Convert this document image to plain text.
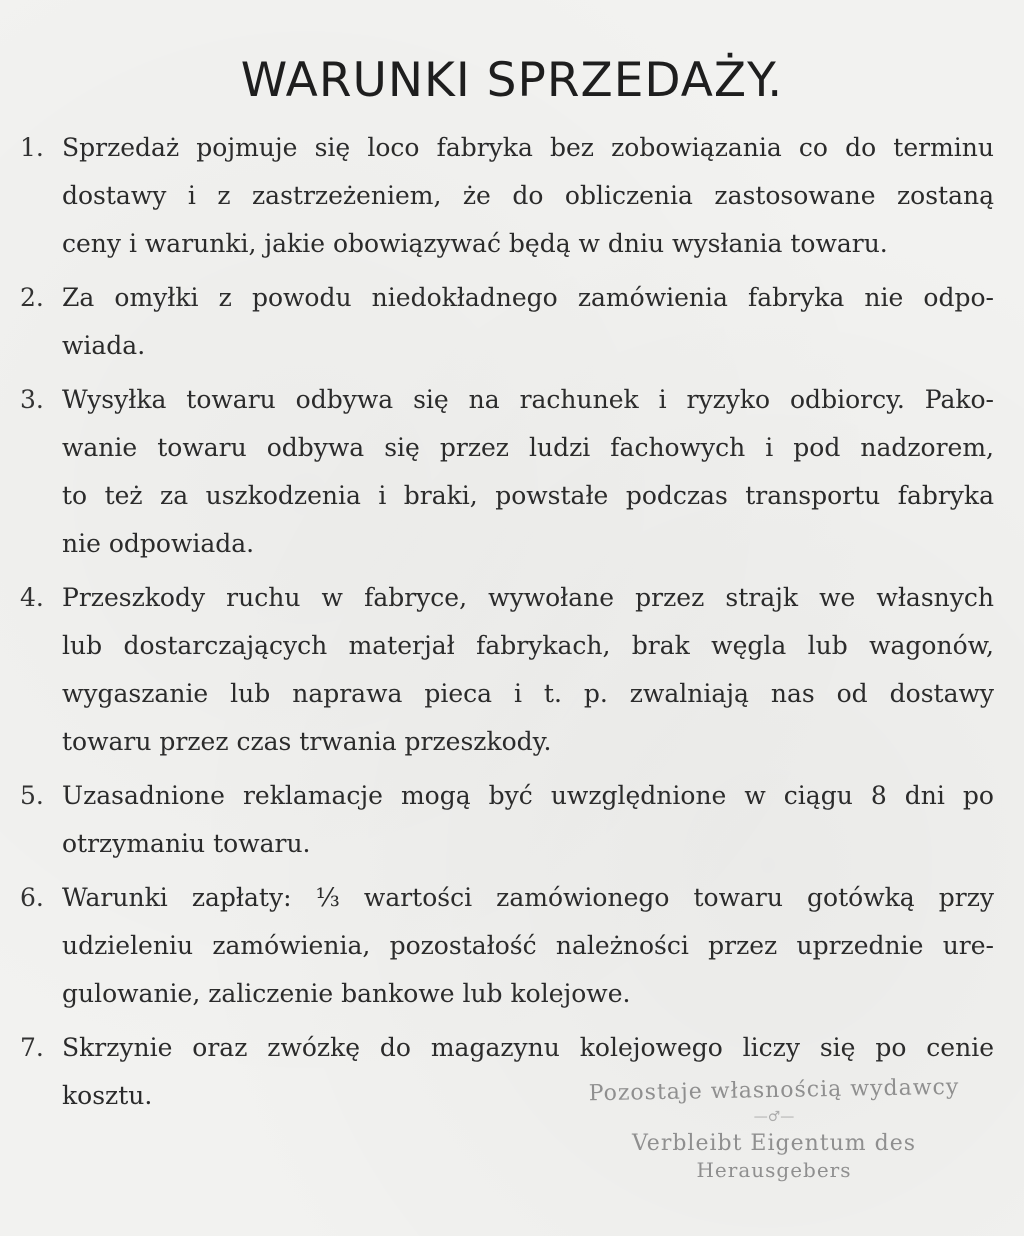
WARUNKI SPRZEDAŻY.
1. Sprzedaż pojmuje się loco fabryka bez zobowiązania co do terminu
dostawy i z zastrzeżeniem, że do obliczenia zastosowane zostaną
ceny i warunki, jakie obowiązywać będą w dniu wysłania towaru.
2. Za omyłki z powodu niedokładnego zamówienia fabryka nie odpo-
wiada.
3. Wysyłka towaru odbywa się na rachunek i ryzyko odbiorcy. Pako-
wanie towaru odbywa się przez ludzi fachowych i pod nadzorem,
to też za uszkodzenia i braki, powstałe podczas transportu fabryka
nie odpowiada.
4. Przeszkody ruchu w fabryce, wywołane przez strajk we własnych
lub dostarczających materjał fabrykach, brak węgla lub wagonów,
wygaszanie lub naprawa pieca i t. p. zwalniają nas od dostawy
towaru przez czas trwania przeszkody.
5. Uzasadnione reklamacje mogą być uwzględnione w ciągu 8 dni po
otrzymaniu towaru.
6. Warunki zapłaty: ⅓ wartości zamówionego towaru gotówką przy
udzieleniu zamówienia, pozostałość należności przez uprzednie ure-
gulowanie, zaliczenie bankowe lub kolejowe.
7. Skrzynie oraz zwózkę do magazynu kolejowego liczy się po cenie
kosztu.	Pozostaje własnością wydawcy
—♂—
Verbleibt Eigentum des
Herausgebers
